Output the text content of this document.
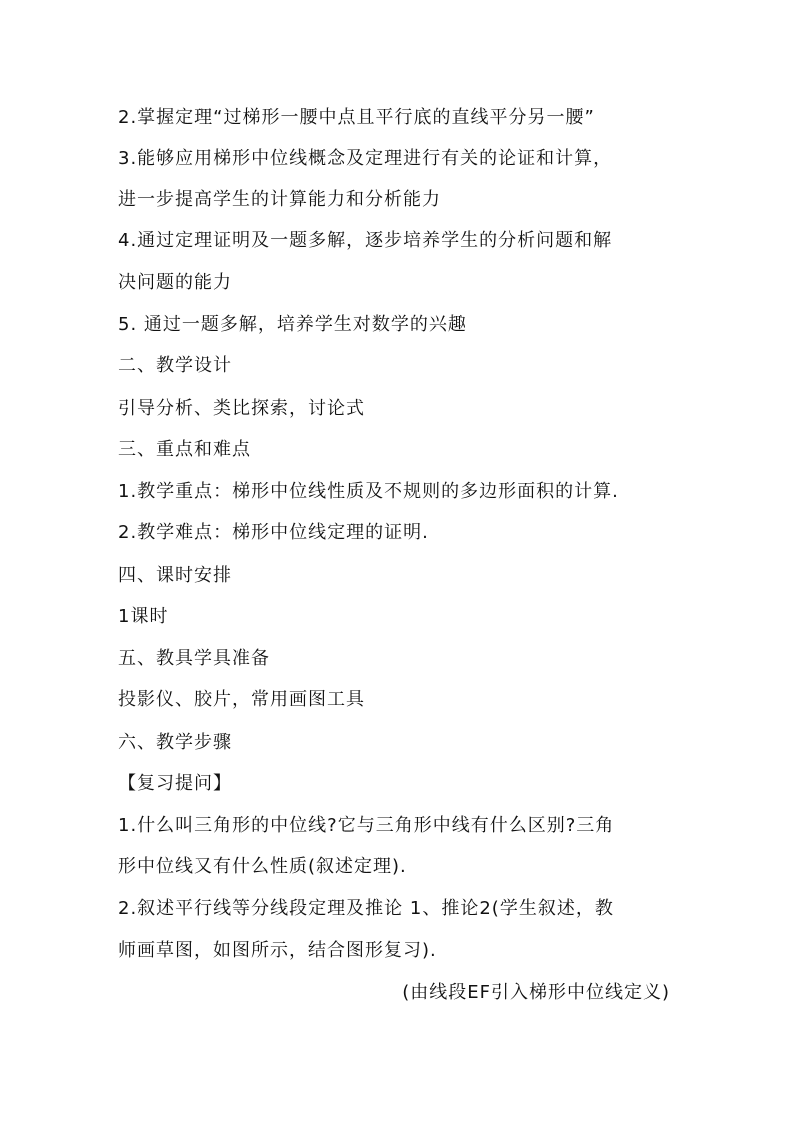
2.掌握定理“过梯形一腰中点且平行底的直线平分另一腰”
3.能够应用梯形中位线概念及定理进行有关的论证和计算，
进一步提高学生的计算能力和分析能力
4.通过定理证明及一题多解，逐步培养学生的分析问题和解
决问题的能力
5. 通过一题多解，培养学生对数学的兴趣
二、教学设计
引导分析、类比探索，讨论式
三、重点和难点
1.教学重点：梯形中位线性质及不规则的多边形面积的计算.
2.教学难点：梯形中位线定理的证明.
四、课时安排
1课时
五、教具学具准备
投影仪、胶片，常用画图工具
六、教学步骤
【复习提问】
1.什么叫三角形的中位线?它与三角形中线有什么区别?三角
形中位线又有什么性质(叙述定理).
2.叙述平行线等分线段定理及推论 1、推论2(学生叙述，教
师画草图，如图所示，结合图形复习).
(由线段EF引入梯形中位线定义)
